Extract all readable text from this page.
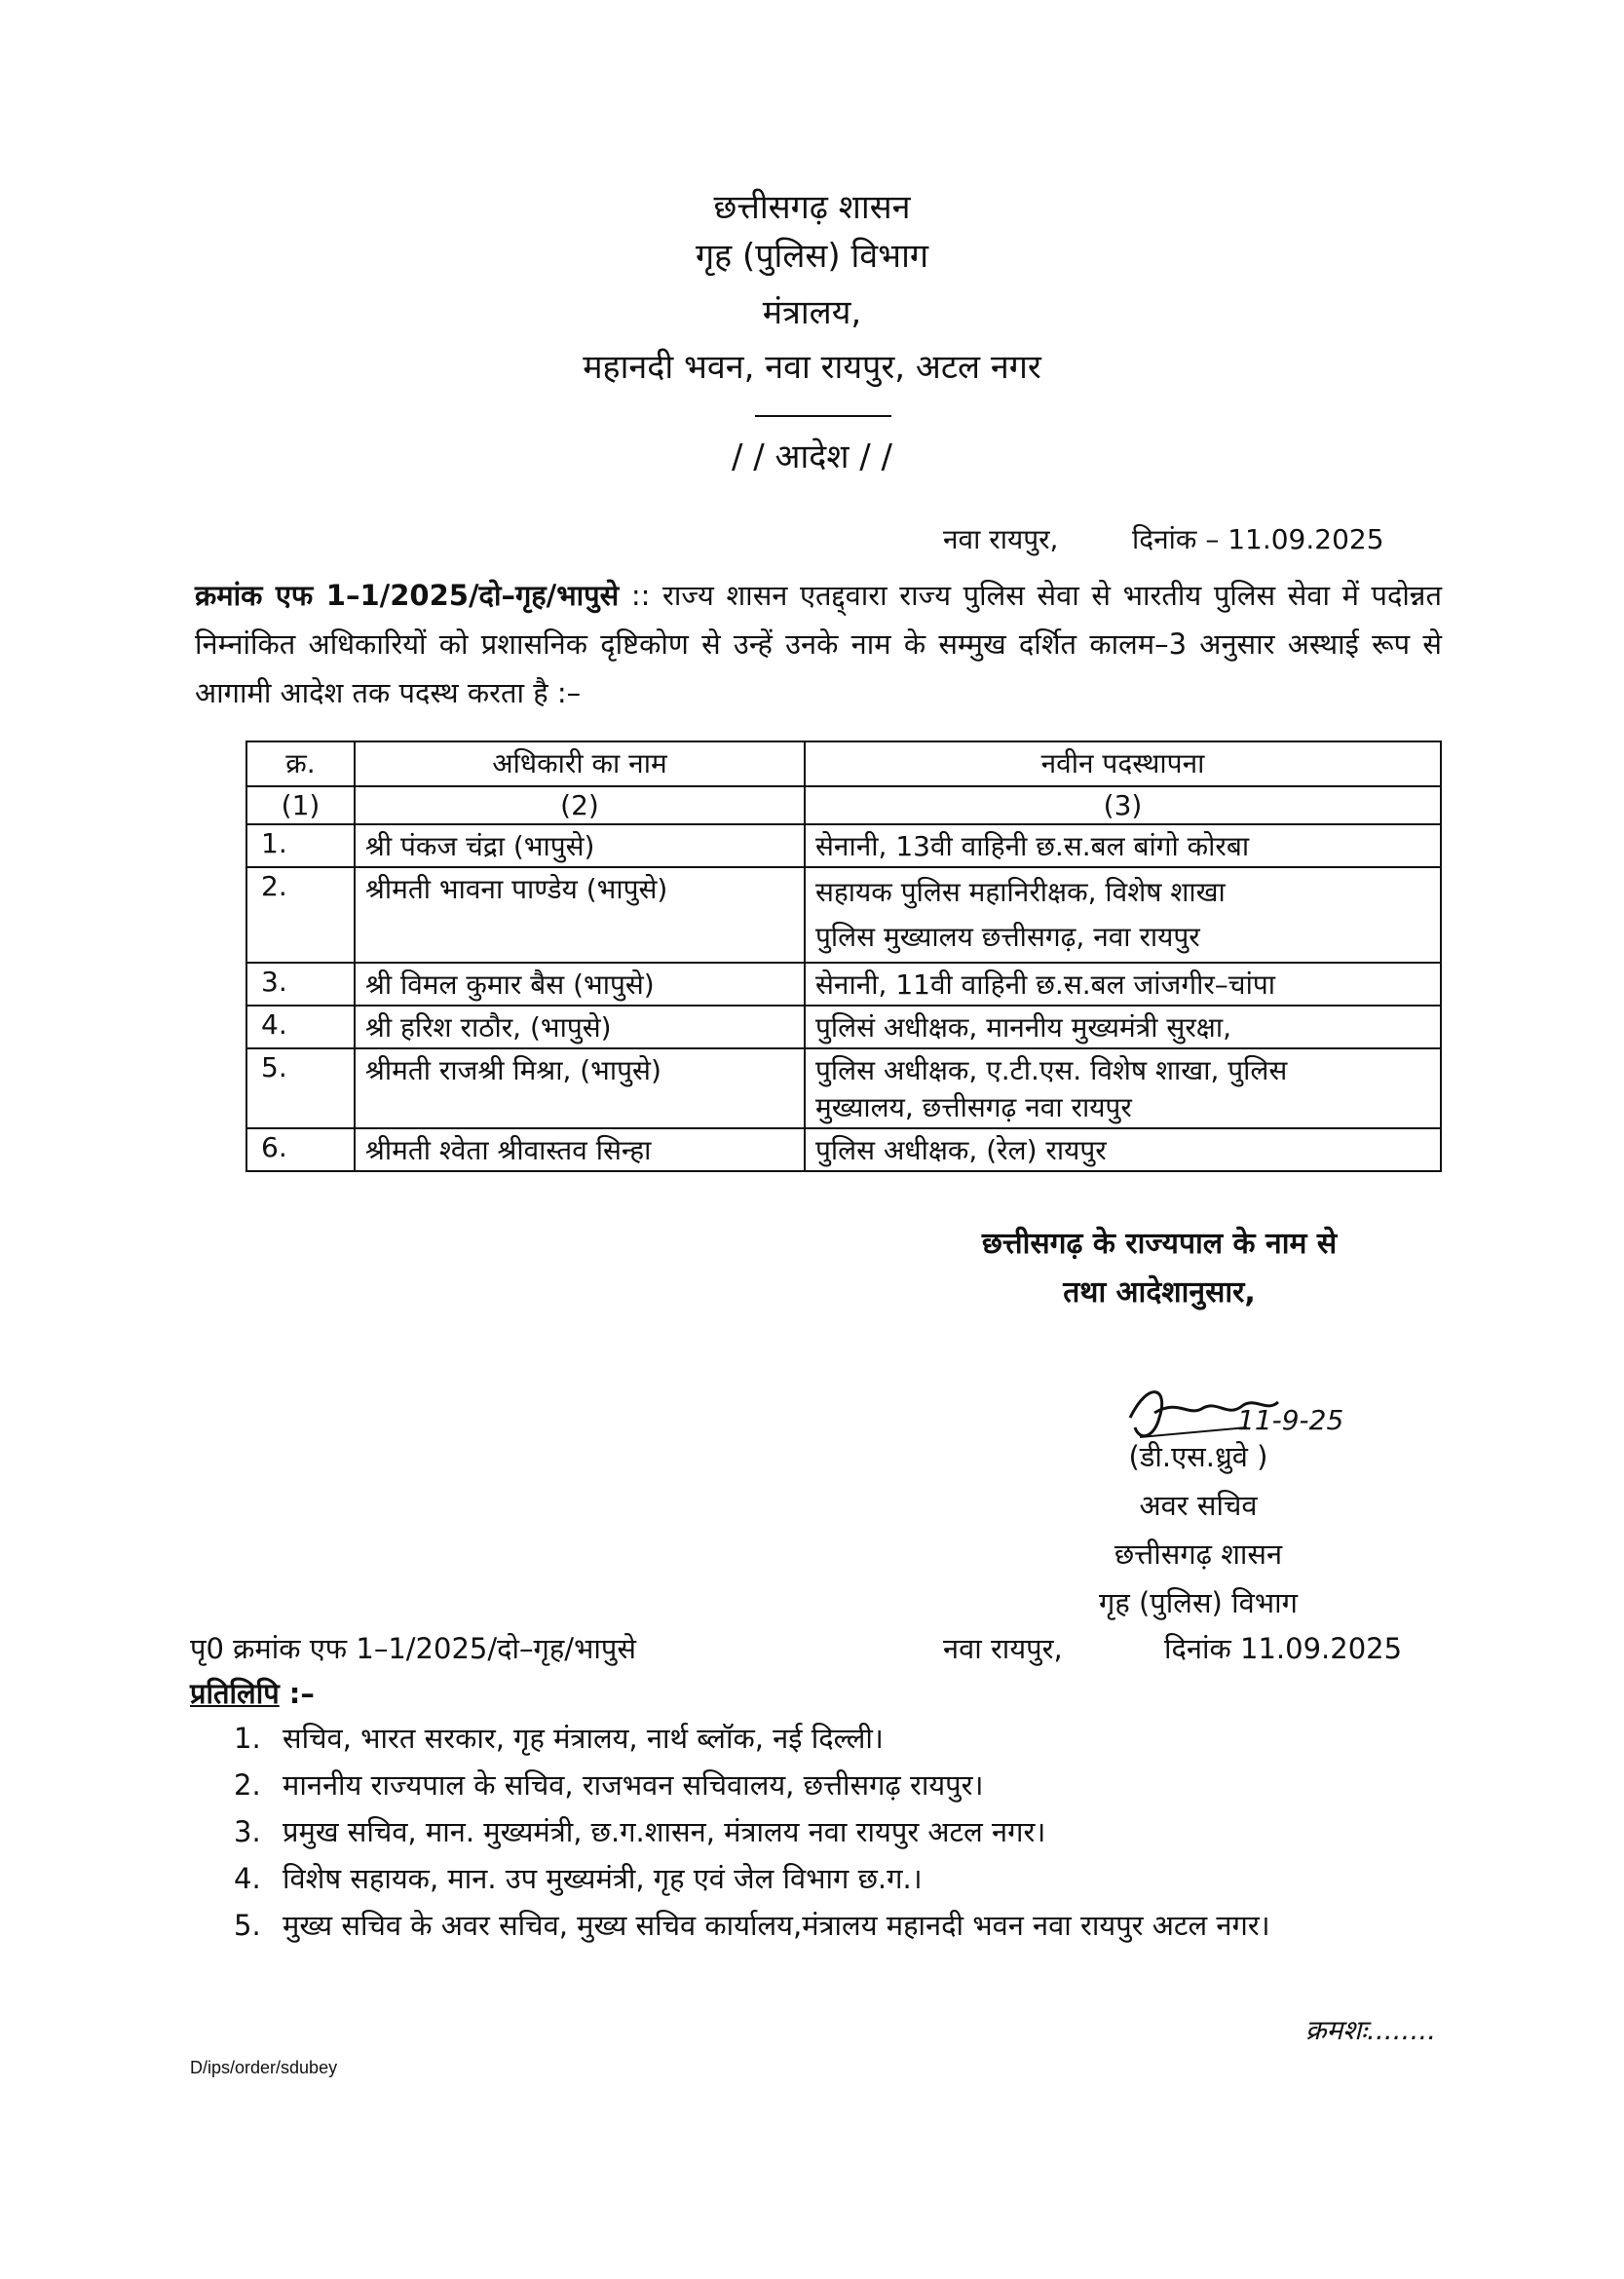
छत्तीसगढ़ शासन
गृह (पुलिस) विभाग
मंत्रालय,
महानदी भवन, नवा रायपुर, अटल नगर
/ / आदेश / /
नवा रायपुर,	दिनांक – 11.09.2025
क्रमांक एफ 1–1/2025/दो–गृह/भापुसे :: राज्य शासन एतद्द्वारा राज्य पुलिस सेवा से भारतीय पुलिस सेवा में पदोन्नत निम्नांकित अधिकारियों को प्रशासनिक दृष्टिकोण से उन्हें उनके नाम के सम्मुख दर्शित कालम–3 अनुसार अस्थाई रूप से आगामी आदेश तक पदस्थ करता है :–
क्र.	अधिकारी का नाम	नवीन पदस्थापना
(1)	(2)	(3)
1.	श्री पंकज चंद्रा (भापुसे)	सेनानी, 13वी वाहिनी छ.स.बल बांगो कोरबा
2.	श्रीमती भावना पाण्डेय (भापुसे)	सहायक पुलिस महानिरीक्षक, विशेष शाखा
पुलिस मुख्यालय छत्तीसगढ़, नवा रायपुर

3.	श्री विमल कुमार बैस (भापुसे)	सेनानी, 11वी वाहिनी छ.स.बल जांजगीर–चांपा
4.	श्री हरिश राठौर, (भापुसे)	पुलिसं अधीक्षक, माननीय मुख्यमंत्री सुरक्षा,
5.	श्रीमती राजश्री मिश्रा, (भापुसे)	पुलिस अधीक्षक, ए.टी.एस. विशेष शाखा, पुलिस
मुख्यालय, छत्तीसगढ़ नवा रायपुर

6.	श्रीमती श्वेता श्रीवास्तव सिन्हा	पुलिस अधीक्षक, (रेल) रायपुर
छत्तीसगढ़ के राज्यपाल के नाम से
तथा आदेशानुसार,
11-9-25
(डी.एस.ध्रुवे )
अवर सचिव
छत्तीसगढ़ शासन
गृह (पुलिस) विभाग
पृ0 क्रमांक एफ 1–1/2025/दो–गृह/भापुसे	नवा रायपुर,	दिनांक 11.09.2025
प्रतिलिपि :–
1. सचिव, भारत सरकार, गृह मंत्रालय, नार्थ ब्लॉक, नई दिल्ली।
2. माननीय राज्यपाल के सचिव, राजभवन सचिवालय, छत्तीसगढ़ रायपुर।
3. प्रमुख सचिव, मान. मुख्यमंत्री, छ.ग.शासन, मंत्रालय नवा रायपुर अटल नगर।
4. विशेष सहायक, मान. उप मुख्यमंत्री, गृह एवं जेल विभाग छ.ग.।
5. मुख्य सचिव के अवर सचिव, मुख्य सचिव कार्यालय,मंत्रालय महानदी भवन नवा रायपुर अटल नगर।
क्रमशः........
D/ips/order/sdubey
